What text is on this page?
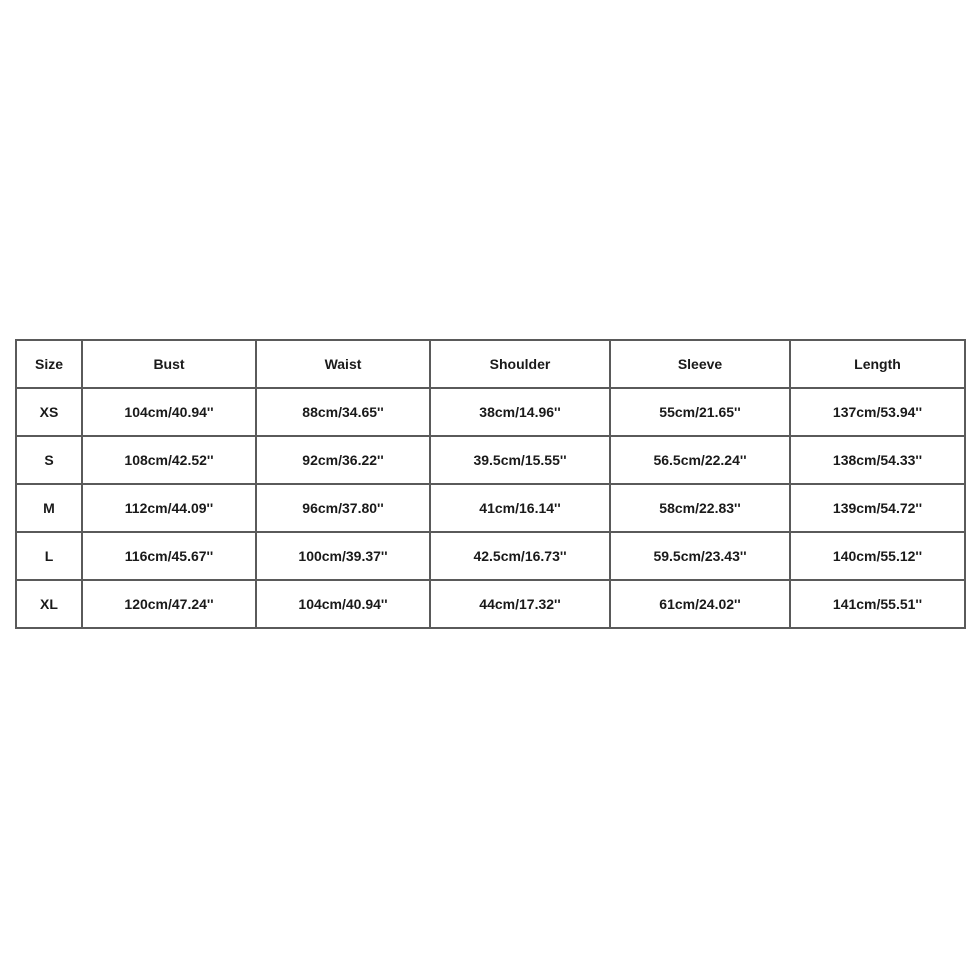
Size	Bust	Waist	Shoulder	Sleeve	Length
XS	104cm/40.94''	88cm/34.65''	38cm/14.96''	55cm/21.65''	137cm/53.94''
S	108cm/42.52''	92cm/36.22''	39.5cm/15.55''	56.5cm/22.24''	138cm/54.33''
M	112cm/44.09''	96cm/37.80''	41cm/16.14''	58cm/22.83''	139cm/54.72''
L	116cm/45.67''	100cm/39.37''	42.5cm/16.73''	59.5cm/23.43''	140cm/55.12''
XL	120cm/47.24''	104cm/40.94''	44cm/17.32''	61cm/24.02''	141cm/55.51''
